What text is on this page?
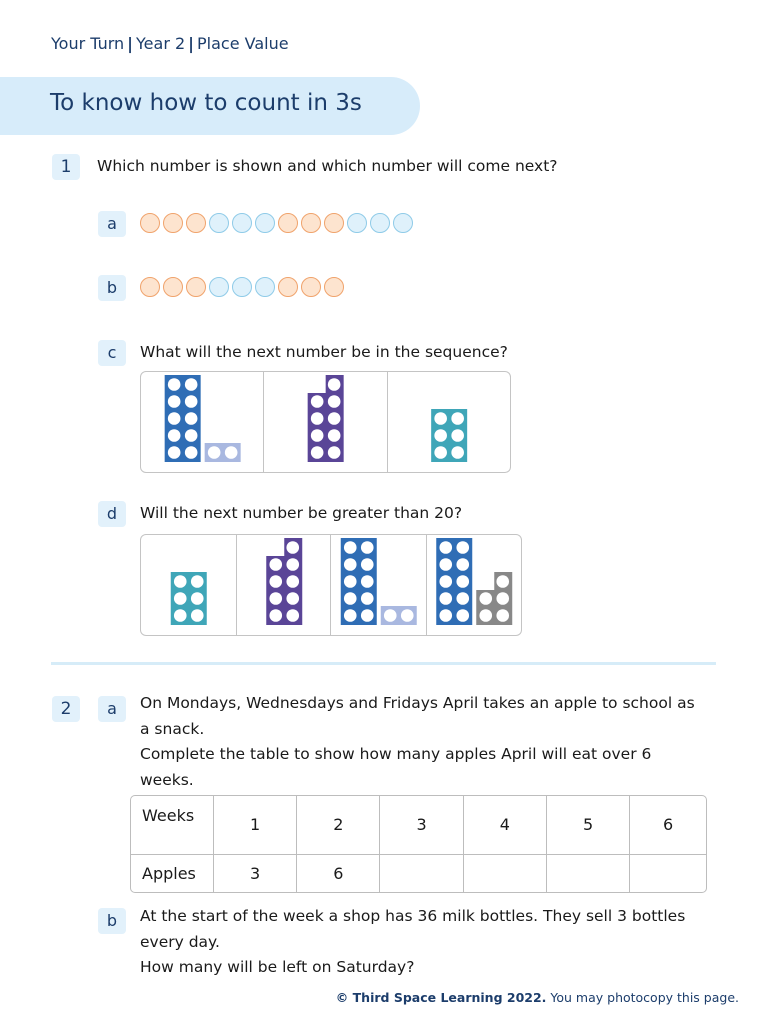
Your Turn | Year 2 | Place Value
To know how to count in 3s
1	Which number is shown and which number will come next?
a
b
c	What will the next number be in the sequence?
d	Will the next number be greater than 20?
2	a	On Mondays, Wednesdays and Fridays April takes an apple to school as
a snack.
Complete the table to show how many apples April will eat over 6
weeks.
Weeks	1	2	3	4	5	6
Apples	3	6				
b	At the start of the week a shop has 36 milk bottles. They sell 3 bottles
every day.
How many will be left on Saturday?
© Third Space Learning 2022. You may photocopy this page.
